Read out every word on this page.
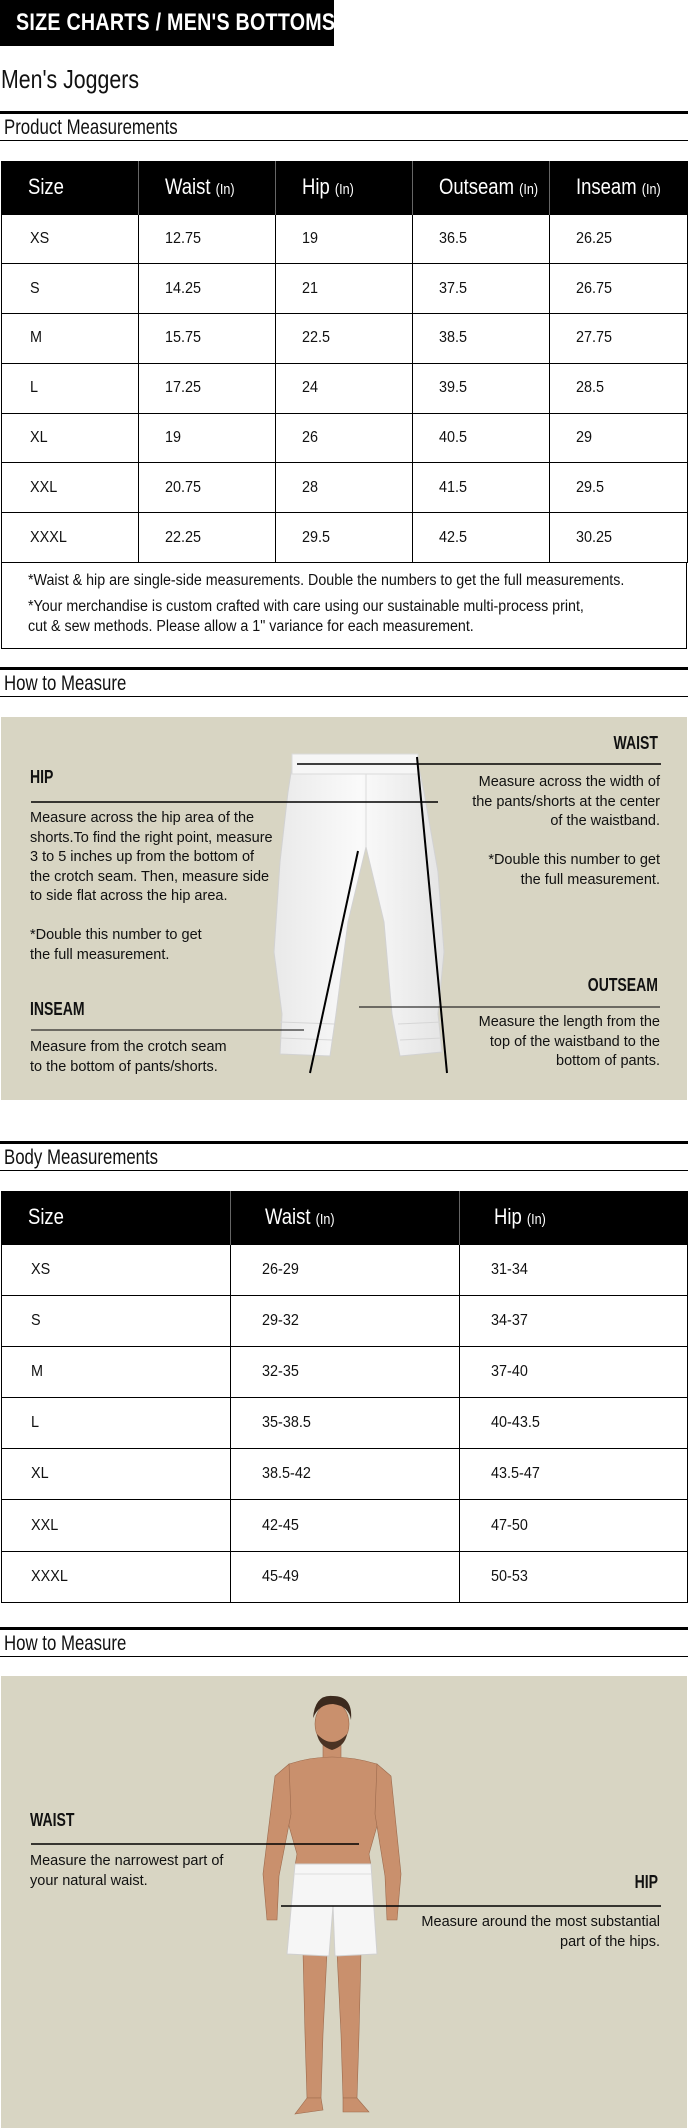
SIZE CHARTS / MEN'S BOTTOMS
Men's Joggers
Product Measurements
Size	Waist (In)	Hip (In)	Outseam (In)	Inseam (In)
XS	12.75	19	36.5	26.25
S	14.25	21	37.5	26.75
M	15.75	22.5	38.5	27.75
L	17.25	24	39.5	28.5
XL	19	26	40.5	29
XXL	20.75	28	41.5	29.5
XXXL	22.25	29.5	42.5	30.25

*Waist & hip are single-side measurements. Double the numbers to get the full measurements.

*Your merchandise is custom crafted with care using our sustainable multi-process print,

cut & sew methods. Please allow a 1" variance for each measurement.

How to Measure
HIP
Measure across the hip area of the
shorts.To find the right point, measure
3 to 5 inches up from the bottom of
the crotch seam. Then, measure side
to side flat across the hip area.
*Double this number to get
the full measurement.
INSEAM
Measure from the crotch seam
to the bottom of pants/shorts.
WAIST
Measure across the width of
the pants/shorts at the center
of the waistband.
*Double this number to get
the full measurement.
OUTSEAM
Measure the length from the
top of the waistband to the
bottom of pants.
Body Measurements
Size	Waist (In)	Hip (In)
XS	26-29	31-34
S	29-32	34-37
M	32-35	37-40
L	35-38.5	40-43.5
XL	38.5-42	43.5-47
XXL	42-45	47-50
XXXL	45-49	50-53
How to Measure
WAIST
Measure the narrowest part of
your natural waist.	HIP
Measure around the most substantial
part of the hips.
